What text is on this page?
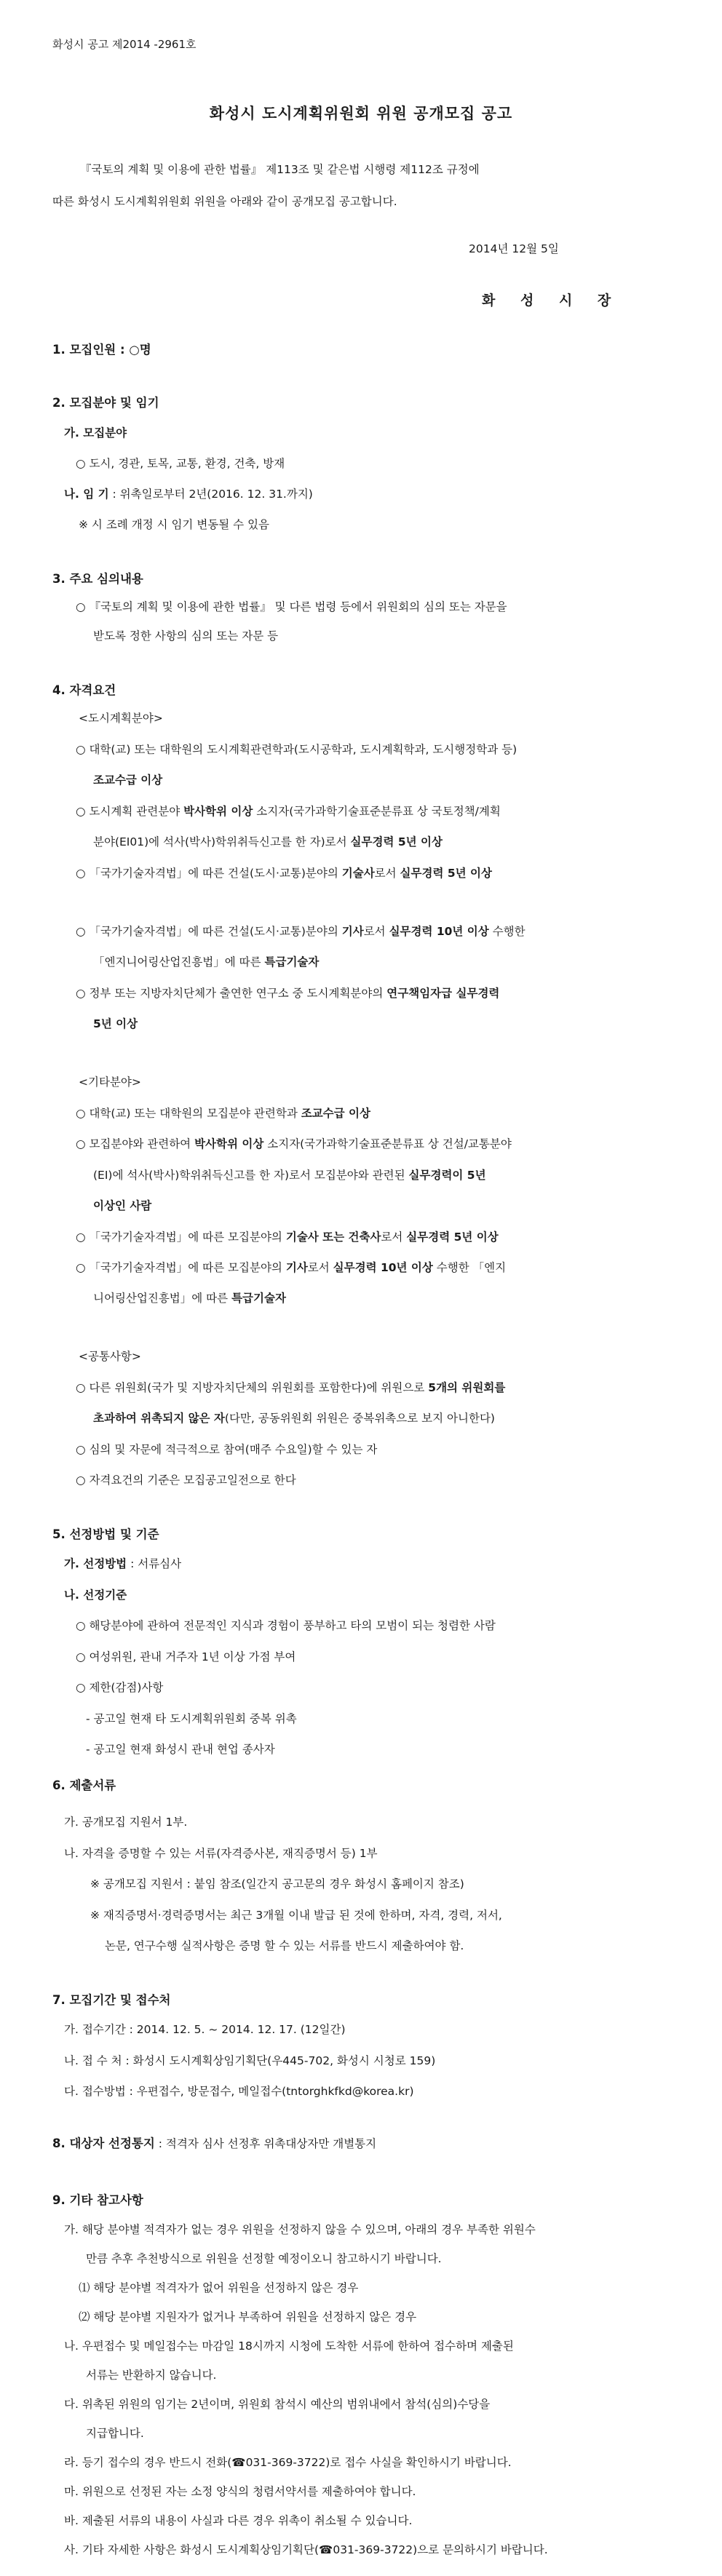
화성시 공고 제2014 -2961호
화성시 도시계획위원회 위원 공개모집 공고
『국토의 계획 및 이용에 관한 법률』 제113조 및 같은법 시행령 제112조 규정에
따른 화성시 도시계획위원회 위원을 아래와 같이 공개모집 공고합니다.
2014년 12월 5일
화 성 시 장
1. 모집인원 : ○명
2. 모집분야 및 임기
가. 모집분야
○ 도시, 경관, 토목, 교통, 환경, 건축, 방재
나. 임 기 : 위촉일로부터 2년(2016. 12. 31.까지)
※ 시 조례 개정 시 임기 변동될 수 있음
3. 주요 심의내용
○ 『국토의 계획 및 이용에 관한 법률』 및 다른 법령 등에서 위원회의 심의 또는 자문을
받도록 정한 사항의 심의 또는 자문 등
4. 자격요건
<도시계획분야>
○ 대학(교) 또는 대학원의 도시계획관련학과(도시공학과, 도시계획학과, 도시행정학과 등)
조교수급 이상
○ 도시계획 관련분야 박사학위 이상 소지자(국가과학기술표준분류표 상 국토정책/계획
분야(EI01)에 석사(박사)학위취득신고를 한 자)로서 실무경력 5년 이상
○ 「국가기술자격법」에 따른 건설(도시·교통)분야의 기술사로서 실무경력 5년 이상
○ 「국가기술자격법」에 따른 건설(도시·교통)분야의 기사로서 실무경력 10년 이상 수행한
「엔지니어링산업진흥법」에 따른 특급기술자
○ 정부 또는 지방자치단체가 출연한 연구소 중 도시계획분야의 연구책임자급 실무경력
5년 이상
<기타분야>
○ 대학(교) 또는 대학원의 모집분야 관련학과 조교수급 이상
○ 모집분야와 관련하여 박사학위 이상 소지자(국가과학기술표준분류표 상 건설/교통분야
(EI)에 석사(박사)학위취득신고를 한 자)로서 모집분야와 관련된 실무경력이 5년
이상인 사람
○ 「국가기술자격법」에 따른 모집분야의 기술사 또는 건축사로서 실무경력 5년 이상
○ 「국가기술자격법」에 따른 모집분야의 기사로서 실무경력 10년 이상 수행한 「엔지
니어링산업진흥법」에 따른 특급기술자
<공통사항>
○ 다른 위원회(국가 및 지방자치단체의 위원회를 포함한다)에 위원으로 5개의 위원회를
초과하여 위촉되지 않은 자(다만, 공동위원회 위원은 중복위촉으로 보지 아니한다)
○ 심의 및 자문에 적극적으로 참여(매주 수요일)할 수 있는 자
○ 자격요건의 기준은 모집공고일전으로 한다
5. 선정방법 및 기준
가. 선정방법 : 서류심사
나. 선정기준
○ 해당분야에 관하여 전문적인 지식과 경험이 풍부하고 타의 모범이 되는 청렴한 사람
○ 여성위원, 관내 거주자 1년 이상 가점 부여
○ 제한(감점)사항
- 공고일 현재 타 도시계획위원회 중복 위촉
- 공고일 현재 화성시 관내 현업 종사자
6. 제출서류
가. 공개모집 지원서 1부.
나. 자격을 증명할 수 있는 서류(자격증사본, 재직증명서 등) 1부
※ 공개모집 지원서 : 붙임 참조(일간지 공고문의 경우 화성시 홈페이지 참조)
※ 재직증명서·경력증명서는 최근 3개월 이내 발급 된 것에 한하며, 자격, 경력, 저서,
논문, 연구수행 실적사항은 증명 할 수 있는 서류를 반드시 제출하여야 함.
7. 모집기간 및 접수처
가. 접수기간 : 2014. 12. 5. ~ 2014. 12. 17. (12일간)
나. 접 수 처 : 화성시 도시계획상임기획단(우445-702, 화성시 시청로 159)
다. 접수방법 : 우편접수, 방문접수, 메일접수(tntorghkfkd@korea.kr)
8. 대상자 선정통지 : 적격자 심사 선정후 위촉대상자만 개별통지
9. 기타 참고사항
가. 해당 분야별 적격자가 없는 경우 위원을 선정하지 않을 수 있으며, 아래의 경우 부족한 위원수
만큼 추후 추천방식으로 위원을 선정할 예정이오니 참고하시기 바랍니다.
⑴ 해당 분야별 적격자가 없어 위원을 선정하지 않은 경우
⑵ 해당 분야별 지원자가 없거나 부족하여 위원을 선정하지 않은 경우
나. 우편접수 및 메일접수는 마감일 18시까지 시청에 도착한 서류에 한하여 접수하며 제출된
서류는 반환하지 않습니다.
다. 위촉된 위원의 임기는 2년이며, 위원회 참석시 예산의 범위내에서 참석(심의)수당을
지급합니다.
라. 등기 접수의 경우 반드시 전화(☎031-369-3722)로 접수 사실을 확인하시기 바랍니다.
마. 위원으로 선정된 자는 소정 양식의 청렴서약서를 제출하여야 합니다.
바. 제출된 서류의 내용이 사실과 다른 경우 위촉이 취소될 수 있습니다.
사. 기타 자세한 사항은 화성시 도시계획상임기획단(☎031-369-3722)으로 문의하시기 바랍니다.
